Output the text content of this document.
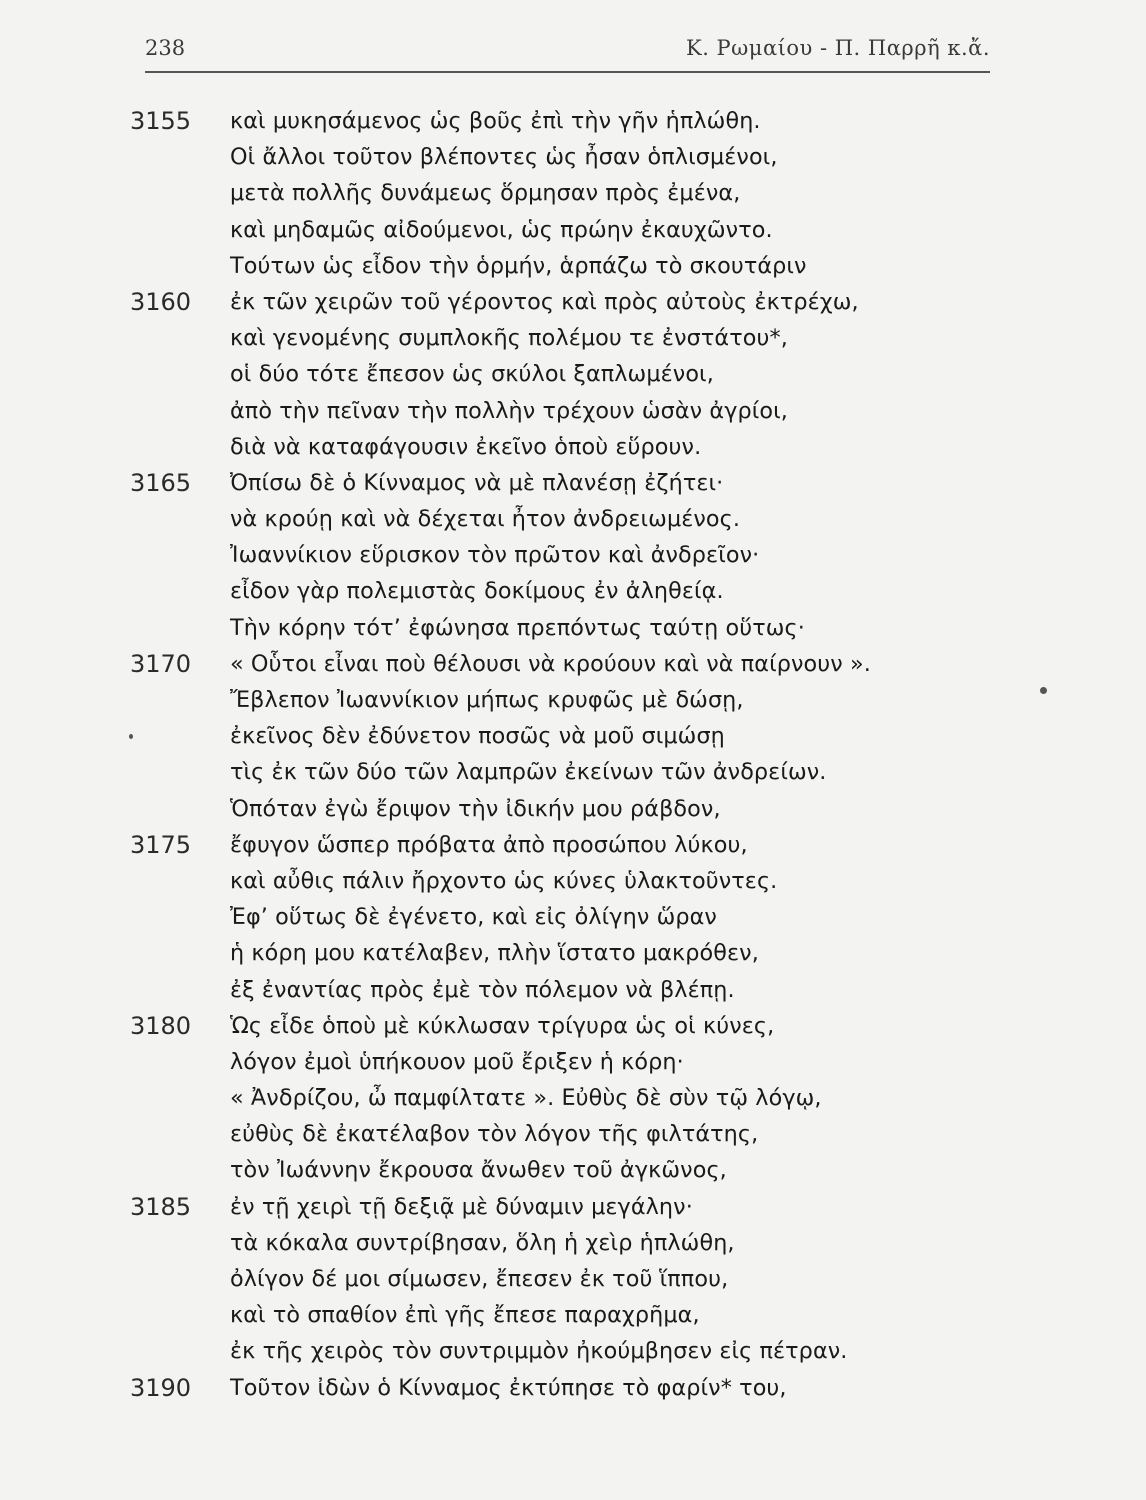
238	Κ. Ρωμαίου - Π. Παρρῆ κ.ἄ.
3155	καὶ μυκησάμενος ὡς βοῦς ἐπὶ τὴν γῆν ἡπλώθη.
Οἱ ἄλλοι τοῦτον βλέποντες ὡς ἦσαν ὁπλισμένοι,
μετὰ πολλῆς δυνάμεως ὅρμησαν πρὸς ἐμένα,
καὶ μηδαμῶς αἰδούμενοι, ὡς πρώην ἐκαυχῶντο.
Τούτων ὡς εἶδον τὴν ὁρμήν, ἁρπάζω τὸ σκουτάριν
3160	ἐκ τῶν χειρῶν τοῦ γέροντος καὶ πρὸς αὐτοὺς ἐκτρέχω,
καὶ γενομένης συμπλοκῆς πολέμου τε ἐνστάτου*,
οἱ δύο τότε ἔπεσον ὡς σκύλοι ξαπλωμένοι,
ἀπὸ τὴν πεῖναν τὴν πολλὴν τρέχουν ὡσὰν ἀγρίοι,
διὰ νὰ καταφάγουσιν ἐκεῖνο ὁποὺ εὕρουν.
3165	Ὀπίσω δὲ ὁ Κίνναμος νὰ μὲ πλανέσῃ ἐζήτει·
νὰ κρούῃ καὶ νὰ δέχεται ἦτον ἀνδρειωμένος.
Ἰωαννίκιον εὕρισκον τὸν πρῶτον καὶ ἀνδρεῖον·
εἶδον γὰρ πολεμιστὰς δοκίμους ἐν ἀληθείᾳ.
Τὴν κόρην τότ’ ἐφώνησα πρεπόντως ταύτῃ οὕτως·
3170	« Οὗτοι εἶναι ποὺ θέλουσι νὰ κρούουν καὶ νὰ παίρνουν ».
Ἔβλεπον Ἰωαννίκιον μήπως κρυφῶς μὲ δώσῃ,
ἐκεῖνος δὲν ἐδύνετον ποσῶς νὰ μοῦ σιμώσῃ
τὶς ἐκ τῶν δύο τῶν λαμπρῶν ἐκείνων τῶν ἀνδρείων.
Ὁπόταν ἐγὼ ἔριψον τὴν ἰδικήν μου ράβδον,
3175	ἔφυγον ὥσπερ πρόβατα ἀπὸ προσώπου λύκου,
καὶ αὖθις πάλιν ἤρχοντο ὡς κύνες ὑλακτοῦντες.
Ἐφ’ οὕτως δὲ ἐγένετο, καὶ εἰς ὀλίγην ὥραν
ἡ κόρη μου κατέλαβεν, πλὴν ἵστατο μακρόθεν,
ἐξ ἐναντίας πρὸς ἐμὲ τὸν πόλεμον νὰ βλέπῃ.
3180	Ὡς εἶδε ὁποὺ μὲ κύκλωσαν τρίγυρα ὡς οἱ κύνες,
λόγον ἐμοὶ ὑπήκουον μοῦ ἔριξεν ἡ κόρη·
« Ἀνδρίζου, ὦ παμφίλτατε ». Εὐθὺς δὲ σὺν τῷ λόγῳ,
εὐθὺς δὲ ἐκατέλαβον τὸν λόγον τῆς φιλτάτης,
τὸν Ἰωάννην ἔκρουσα ἄνωθεν τοῦ ἀγκῶνος,
3185	ἐν τῇ χειρὶ τῇ δεξιᾷ μὲ δύναμιν μεγάλην·
τὰ κόκαλα συντρίβησαν, ὅλη ἡ χεὶρ ἡπλώθη,
ὀλίγον δέ μοι σίμωσεν, ἔπεσεν ἐκ τοῦ ἵππου,
καὶ τὸ σπαθίον ἐπὶ γῆς ἔπεσε παραχρῆμα,
ἐκ τῆς χειρὸς τὸν συντριμμὸν ἠκούμβησεν εἰς πέτραν.
3190	Τοῦτον ἰδὼν ὁ Κίνναμος ἐκτύπησε τὸ φαρίν* του,
